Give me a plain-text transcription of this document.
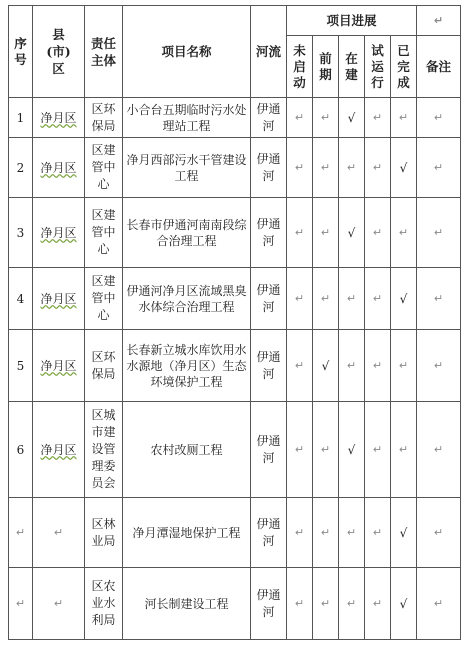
序号	县(市)区	责任主体	项目名称	河流	项目进展					↵
					未启动	前期	在建	试运行	已完成	备注
1	净月区	区环保局	小合台五期临时污水处理站工程	伊通河	↵	↵	√	↵	↵	↵
2	净月区	区建管中心	净月西部污水干管建设工程	伊通河	↵	↵	↵	↵	√	↵
3	净月区	区建管中心	长春市伊通河南南段综合治理工程	伊通河	↵	↵	√	↵	↵	↵
4	净月区	区建管中心	伊通河净月区流域黑臭水体综合治理工程	伊通河	↵	↵	↵	↵	√	↵
5	净月区	区环保局	长春新立城水库饮用水水源地（净月区）生态环境保护工程	伊通河	↵	√	↵	↵	↵	↵
6	净月区	区城市建设管理委员会	农村改厕工程	伊通河	↵	↵	√	↵	↵	↵
↵	↵	区林业局	净月潭湿地保护工程	伊通河	↵	↵	↵	↵	√	↵
↵	↵	区农业水利局	河长制建设工程	伊通河	↵	↵	↵	↵	√	↵
